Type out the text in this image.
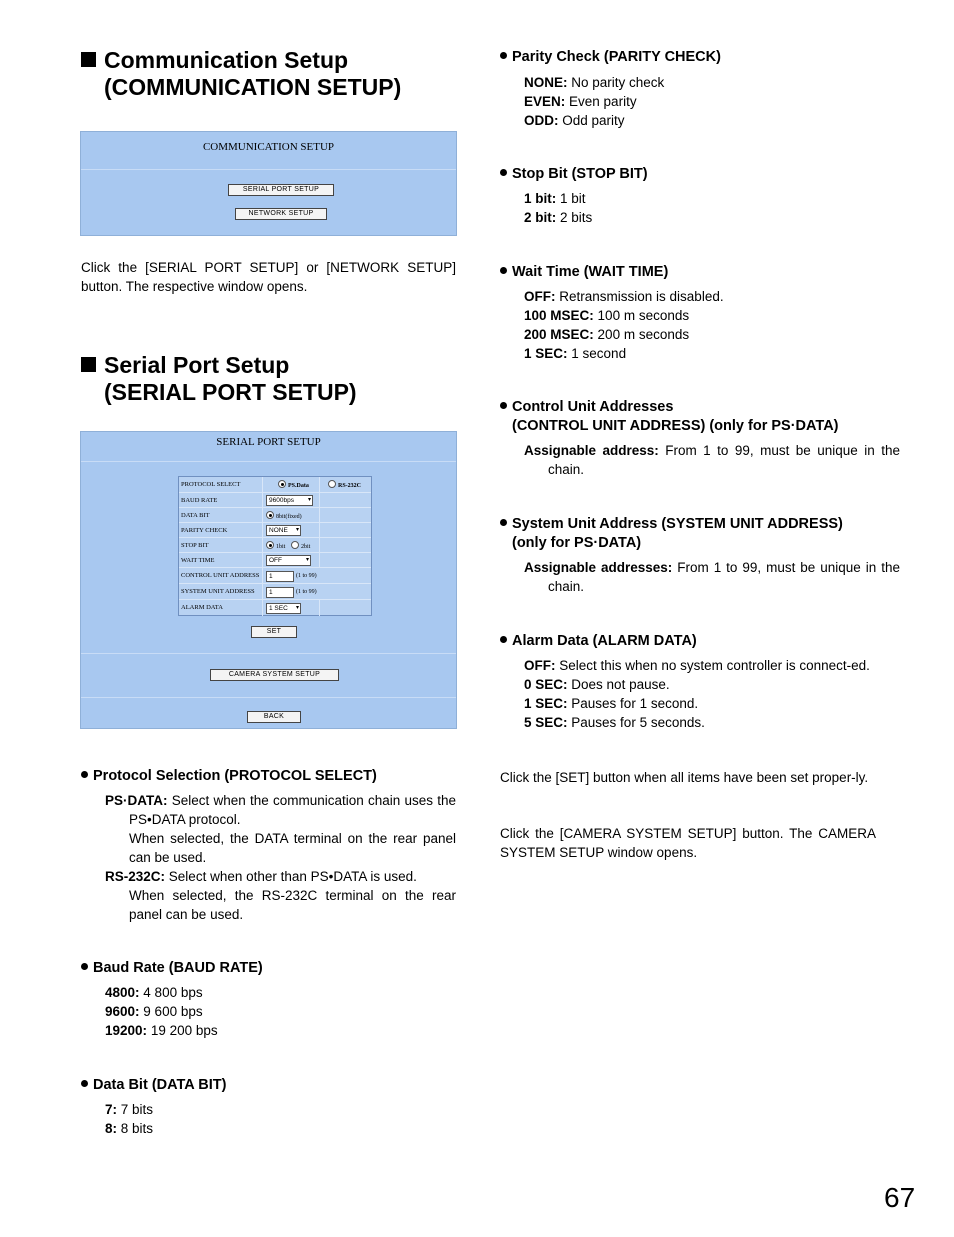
Communication Setup
(COMMUNICATION SETUP)
COMMUNICATION SETUP
SERIAL PORT SETUP
NETWORK SETUP
Click the [SERIAL PORT SETUP] or [NETWORK SETUP] button. The respective window opens.
Serial Port Setup
(SERIAL PORT SETUP)
SERIAL PORT SETUP
PROTOCOL SELECT	PS.Data	RS-232C
BAUD RATE	9600bps ▾
DATA BIT	8bit(fixed)
PARITY CHECK	NONE ▾
STOP BIT	1bit	2bit
WAIT TIME	OFF	▾
CONTROL UNIT ADDRESS	1	(1 to 99)
SYSTEM UNIT ADDRESS	1	(1 to 99)
ALARM DATA	1 SEC ▾
SET
CAMERA SYSTEM SETUP
BACK
Protocol Selection (PROTOCOL SELECT)
PS·DATA: Select when the communication chain uses the PS•DATA protocol.
When selected, the DATA terminal on the rear panel can be used.
RS-232C: Select when other than PS•DATA is used.
When selected, the RS-232C terminal on the rear panel can be used.
Baud Rate (BAUD RATE)
4800: 4 800 bps
9600: 9 600 bps
19200: 19 200 bps
Data Bit (DATA BIT)
7: 7 bits
8: 8 bits
Parity Check (PARITY CHECK)
NONE: No parity check
EVEN: Even parity
ODD: Odd parity
Stop Bit (STOP BIT)
1 bit: 1 bit
2 bit: 2 bits
Wait Time (WAIT TIME)
OFF: Retransmission is disabled.
100 MSEC: 100 m seconds
200 MSEC: 200 m seconds
1 SEC: 1 second
Control Unit Addresses
(CONTROL UNIT ADDRESS) (only for PS·DATA)
Assignable address: From 1 to 99, must be unique in the chain.
System Unit Address (SYSTEM UNIT ADDRESS)
(only for PS·DATA)
Assignable addresses: From 1 to 99, must be unique in the chain.
Alarm Data (ALARM DATA)
OFF: Select this when no system controller is connect-ed.
0 SEC: Does not pause.
1 SEC: Pauses for 1 second.
5 SEC: Pauses for 5 seconds.
Click the [SET] button when all items have been set proper-ly.
Click the [CAMERA SYSTEM SETUP] button. The CAMERA SYSTEM SETUP window opens.
67
